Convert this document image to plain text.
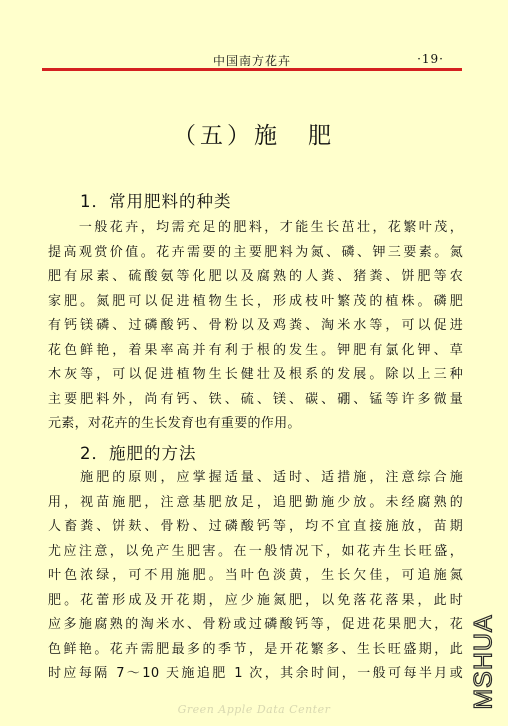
中国南方花卉	·19·
（五）施　肥
1．常用肥料的种类

　　一般花卉，均需充足的肥料，才能生长茁壮，花繁叶茂，
提高观赏价值。花卉需要的主要肥料为氮、磷、钾三要素。氮
肥有尿素、硫酸氨等化肥以及腐熟的人粪、猪粪、饼肥等农
家肥。氮肥可以促进植物生长，形成枝叶繁茂的植株。磷肥
有钙镁磷、过磷酸钙、骨粉以及鸡粪、淘米水等，可以促进
花色鲜艳，着果率高并有利于根的发生。钾肥有氯化钾、草
木灰等，可以促进植物生长健壮及根系的发展。除以上三种
主要肥料外，尚有钙、铁、硫、镁、碳、硼、锰等许多微量
元素，对花卉的生长发育也有重要的作用。

2．施肥的方法

　　施肥的原则，应掌握适量、适时、适措施，注意综合施
用，视苗施肥，注意基肥放足，追肥勤施少放。未经腐熟的
人畜粪、饼麸、骨粉、过磷酸钙等，均不宜直接施放，苗期
尤应注意，以免产生肥害。在一般情况下，如花卉生长旺盛，
叶色浓绿，可不用施肥。当叶色淡黄，生长欠佳，可追施氮
肥。花蕾形成及开花期，应少施氮肥，以免落花落果，此时
应多施腐熟的淘米水、骨粉或过磷酸钙等，促进花果肥大，花
色鲜艳。花卉需肥最多的季节，是开花繁多、生长旺盛期，此
时应每隔 7～10 天施追肥 1 次，其余时间，一般可每半月或

Green Apple Data Center	MSHUA
